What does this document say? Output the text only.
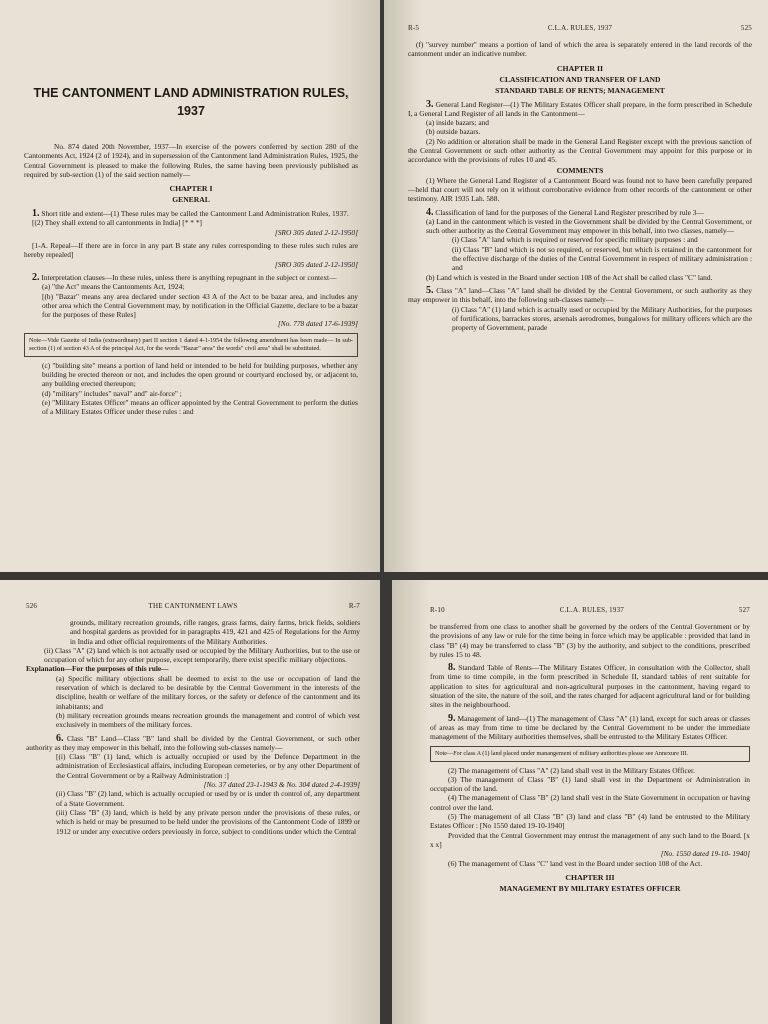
THE CANTONMENT LAND ADMINISTRATION RULES,
1937

No. 874 dated 20th November, 1937—In exercise of the powers conferred by section 280 of the Cantonments Act, 1924 (2 of 1924), and in supersession of the Cantonment land Administration Rules, 1925, the Central Government is pleased to make the following Rules, the same having been previously published as required by sub-section (1) of the said section namely—

CHAPTER I
GENERAL

1. Short title and extent—(1) These rules may be called the Cantonment Land Administration Rules, 1937.

[(2) They shall extend to all cantonments in India] [* * *]

[SRO 305 dated 2-12-1950]

[1-A. Repeal—If there are in force in any part B state any rules corresponding to these rules such rules are hereby repealed]

[SRO 305 dated 2-12-1950]

2. Interpretation clauses—In these rules, unless there is anything repugnant in the subject or context—

(a) "the Act" means the Cantonments Act, 1924;

[(b) "Bazar" means any area declared under section 43 A of the Act to be bazar area, and includes any other area which the Central Government may, by notification in the Official Gazette, declare to be a bazar for the purposes of these Rules]

[No. 778 dated 17-6-1939]

Note—Vide Gazette of India (extraordinary) part II section 1 dated 4-1-1954 the following amendment has been made— In sub-section (1) of section 43 A of the principal Act, for the words "Bazar" area" the words" civil area" shall be substituted.

(c) "building site" means a portion of land held or intended to be held for building purposes, whether any building be erected thereon or not, and includes the open ground or courtyard enclosed by, or adjacent to, any building erected thereupon;

(d) "military" includes" naval" and" air-force" ;

(e) "Military Estates Officer" means an officer appointed by the Central Government to perform the duties of a Military Estates Officer under these rules : and

R-5	C.L.A. RULES, 1937	525

(f) "survey number" means a portion of land of which the area is separately entered in the land records of the cantonment under an indicative number.

CHAPTER II
CLASSIFICATION AND TRANSFER OF LAND
STANDARD TABLE OF RENTS; MANAGEMENT

3. General Land Register—(1) The Military Estates Officer shall prepare, in the form prescribed in Schedule I, a General Land Register of all lands in the Cantonment—

(a) inside bazars; and

(b) outside bazars.

(2) No addition or alteration shall be made in the General Land Register except with the previous sanction of the Central Government or such other authority as the Central Government may appoint for this purpose or in accordance with the provisions of rules 10 and 45.

COMMENTS

(1) Where the General Land Register of a Cantonment Board was found not to have been carefully prepared—held that court will not rely on it without corroborative evidence from other records of the cantonment or other testimony. AIR 1935 Lah. 588.

4. Classification of land for the purposes of the General Land Register prescribed by rule 3—

(a) Land in the cantonment which is vested in the Government shall be divided by the Central Government, or such other authority as the Central Government may empower in this behalf, into two classes, namely—

(i) Class "A" land which is required or reserved for specific military purposes : and

(ii) Class "B" land which is not so required, or reserved, but which is retained in the cantonment for the effective discharge of the duties of the Central Government in respect of military administration : and

(b) Land which is vested in the Board under section 108 of the Act shall be called class "C" land.

5. Class "A" land—Class "A" land shall be divided by the Central Government, or such authority as they may empower in this behalf, into the following sub-classes namely—

(i) Class "A" (1) land which is actually used or occupied by the Military Authorities, for the purposes of fortifications, barrackes stores, arsenals aerodromes, bungalows for military officers which are the property of Government, parade

526	THE CANTONMENT LAWS	R-7

grounds, military recreation grounds, rifle ranges, grass farms, dairy farms, brick fields, soldiers and hospital gardens as provided for in paragraphs 419, 421 and 425 of Regulations for the Army in India and other official requirements of the Military Authorities.

(ii) Class "A" (2) land which is not actually used or occupied by the Military Authorities, but to the use or occupation of which for any other purpose, except temporarily, there exist specific military objections.

Explanation—For the purposes of this rule—

(a) Specific military objections shall be deemed to exist to the use or occupation of land the reservation of which is declared to be desirable by the Central Government in the interests of the discipline, health or welfare of the military forces, or the safety or defence of the cantonment and its inhabitants; and

(b) military recreation grounds means recreation grounds the management and control of which vest exclusively in members of the military forces.

6. Class "B" Land—Class "B" land shall be divided by the Central Government, or such other authority as they may empower in this behalf, into the following sub-classes namely—

[(i) Class "B" (1) land, which is actually occupied or used by the Defence Department in the administration of Ecclesiastical affairs, including European cemeteries, or by any other Department of the Central Government or by a Railway Administration :]

[No. 37 dated 23-1-1943 & No. 304 dated 2-4-1939]

(ii) Class "B" (2) land, which is actually occupied or used by or is under th control of, any department of a State Government.

(iii) Class "B" (3) land, which is held by any private person under the provisions of these rules, or which is held or may be presumed to be held under the provisions of the Cantonment Code of 1899 or 1912 or under any executive orders previously in force, subject to conditions under which the Central

R-10	C.L.A. RULES, 1937	527

be transferred from one class to another shall be governed by the orders of the Central Government or by the provisions of any law or rule for the time being in force which may be applicable : provided that land in class "B" (4) may be transferred to class "B" (3) by the authority, and subject to the conditions, prescribed by rules 15 to 48.

8. Standard Table of Rents—The Military Estates Officer, in consultation with the Collector, shall from time to time compile, in the form prescribed in Schedule II, standard tables of rent suitable for application to sites for agricultural and non-agricultural purposes in the cantonment, having regard to situation of the site, the nature of the soil, and the rates charged for adjacent agricultural land or for building sites in the neighbourhood.

9. Management of land—(1) The management of Class "A" (1) land, except for such areas or classes of areas as may from time to time be declared by the Central Government to be under the immediate management of the Military authorities themselves, shall be entrusted to the Military Estates Officer.

Note—For class A (1) land placed under manangement of military authorities please see Annexure III.

(2) The management of Class "A" (2) land shall vest in the Military Estates Officer.

(3) The management of Class "B" (1) land shall vest in the Department or Administration in occupation of the land.

(4) The management of Class "B" (2) land shall vest in the State Government in occupation or having control over the land.

(5) The management of all Class "B" (3) land and class "B" (4) land be entrusted to the Military Estates Officer : [No 1550 dated 19-10-1940]

Provided that the Central Government may entrust the management of any such land to the Board. [x x x]

[No. 1550 dated 19-10- 1940]

(6) The management of Class "C" land vest in the Board under section 108 of the Act.

CHAPTER III
MANAGEMENT BY MILITARY ESTATES OFFICER
